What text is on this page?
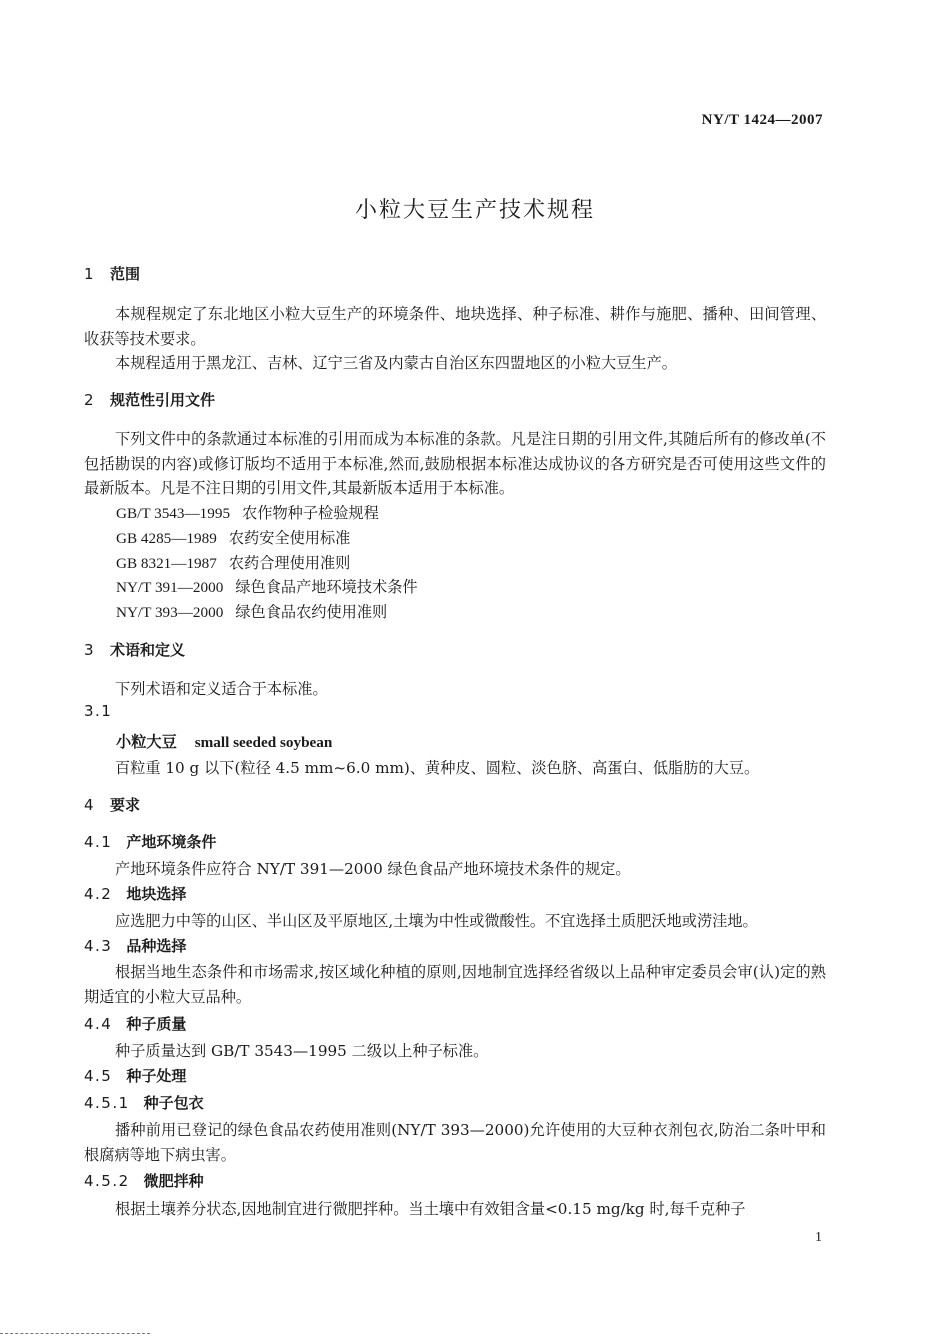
NY/T 1424—2007
小粒大豆生产技术规程
1 范围
本规程规定了东北地区小粒大豆生产的环境条件、地块选择、种子标准、耕作与施肥、播种、田间管理、收获等技术要求。
本规程适用于黑龙江、吉林、辽宁三省及内蒙古自治区东四盟地区的小粒大豆生产。
2 规范性引用文件
下列文件中的条款通过本标准的引用而成为本标准的条款。凡是注日期的引用文件,其随后所有的修改单(不包括勘误的内容)或修订版均不适用于本标准,然而,鼓励根据本标准达成协议的各方研究是否可使用这些文件的最新版本。凡是不注日期的引用文件,其最新版本适用于本标准。
GB/T 3543—1995 农作物种子检验规程
GB 4285—1989 农药安全使用标准
GB 8321—1987 农药合理使用准则
NY/T 391—2000 绿色食品产地环境技术条件
NY/T 393—2000 绿色食品农约使用准则
3 术语和定义
下列术语和定义适合于本标准。
3.1
小粒大豆 small seeded soybean
百粒重 10 g 以下(粒径 4.5 mm~6.0 mm)、黄种皮、圆粒、淡色脐、高蛋白、低脂肪的大豆。
4 要求
4.1 产地环境条件
产地环境条件应符合 NY/T 391—2000 绿色食品产地环境技术条件的规定。
4.2 地块选择
应选肥力中等的山区、半山区及平原地区,土壤为中性或微酸性。不宜选择土质肥沃地或涝洼地。
4.3 品种选择
根据当地生态条件和市场需求,按区域化种植的原则,因地制宜选择经省级以上品种审定委员会审(认)定的熟期适宜的小粒大豆品种。
4.4 种子质量
种子质量达到 GB/T 3543—1995 二级以上种子标准。
4.5 种子处理
4.5.1 种子包衣
播种前用已登记的绿色食品农药使用准则(NY/T 393—2000)允许使用的大豆种衣剂包衣,防治二条叶甲和根腐病等地下病虫害。
4.5.2 微肥拌种
根据土壤养分状态,因地制宜进行微肥拌种。当土壤中有效钼含量<0.15 mg/kg 时,每千克种子
1
